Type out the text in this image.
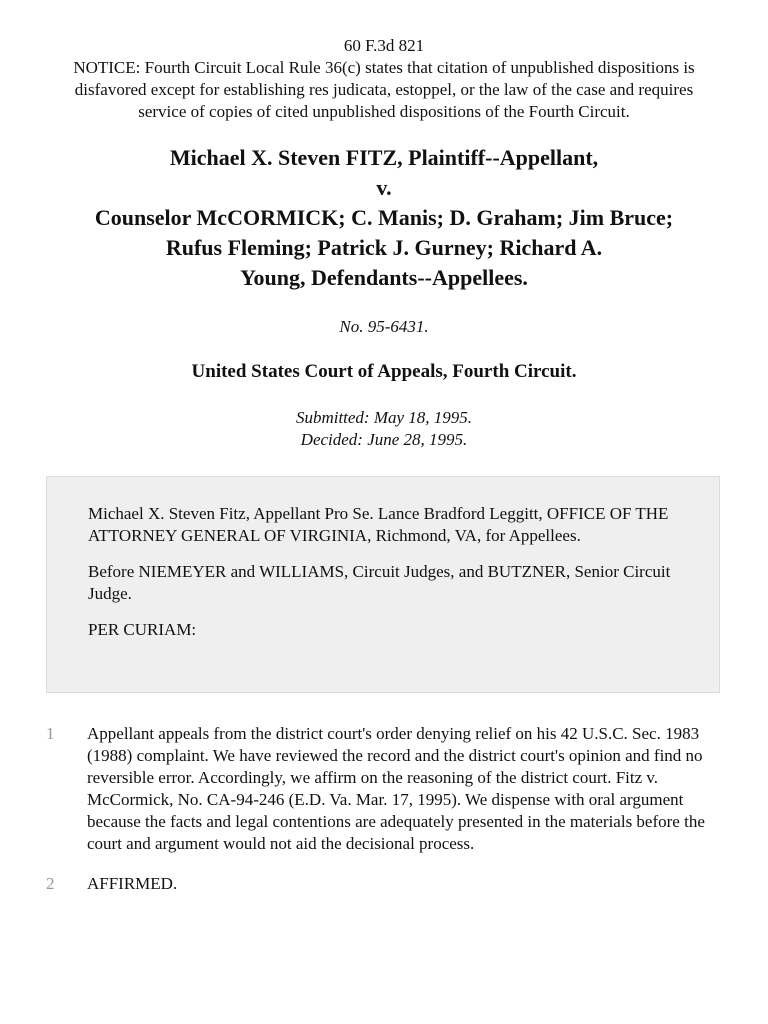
60 F.3d 821
NOTICE: Fourth Circuit Local Rule 36(c) states that citation of unpublished dispositions is disfavored except for establishing res judicata, estoppel, or the law of the case and requires service of copies of cited unpublished dispositions of the Fourth Circuit.
Michael X. Steven FITZ, Plaintiff--Appellant,
v.
Counselor McCORMICK; C. Manis; D. Graham; Jim Bruce;
Rufus Fleming; Patrick J. Gurney; Richard A.
Young, Defendants--Appellees.
No. 95-6431.
United States Court of Appeals, Fourth Circuit.
Submitted: May 18, 1995.
Decided: June 28, 1995.

Michael X. Steven Fitz, Appellant Pro Se. Lance Bradford Leggitt, OFFICE OF THE ATTORNEY GENERAL OF VIRGINIA, Richmond, VA, for Appellees.

Before NIEMEYER and WILLIAMS, Circuit Judges, and BUTZNER, Senior Circuit Judge.

PER CURIAM:

1 Appellant appeals from the district court's order denying relief on his 42 U.S.C. Sec. 1983 (1988) complaint. We have reviewed the record and the district court's opinion and find no reversible error. Accordingly, we affirm on the reasoning of the district court. Fitz v. McCormick, No. CA-94-246 (E.D. Va. Mar. 17, 1995). We dispense with oral argument because the facts and legal contentions are adequately presented in the materials before the court and argument would not aid the decisional process.
2 AFFIRMED.
